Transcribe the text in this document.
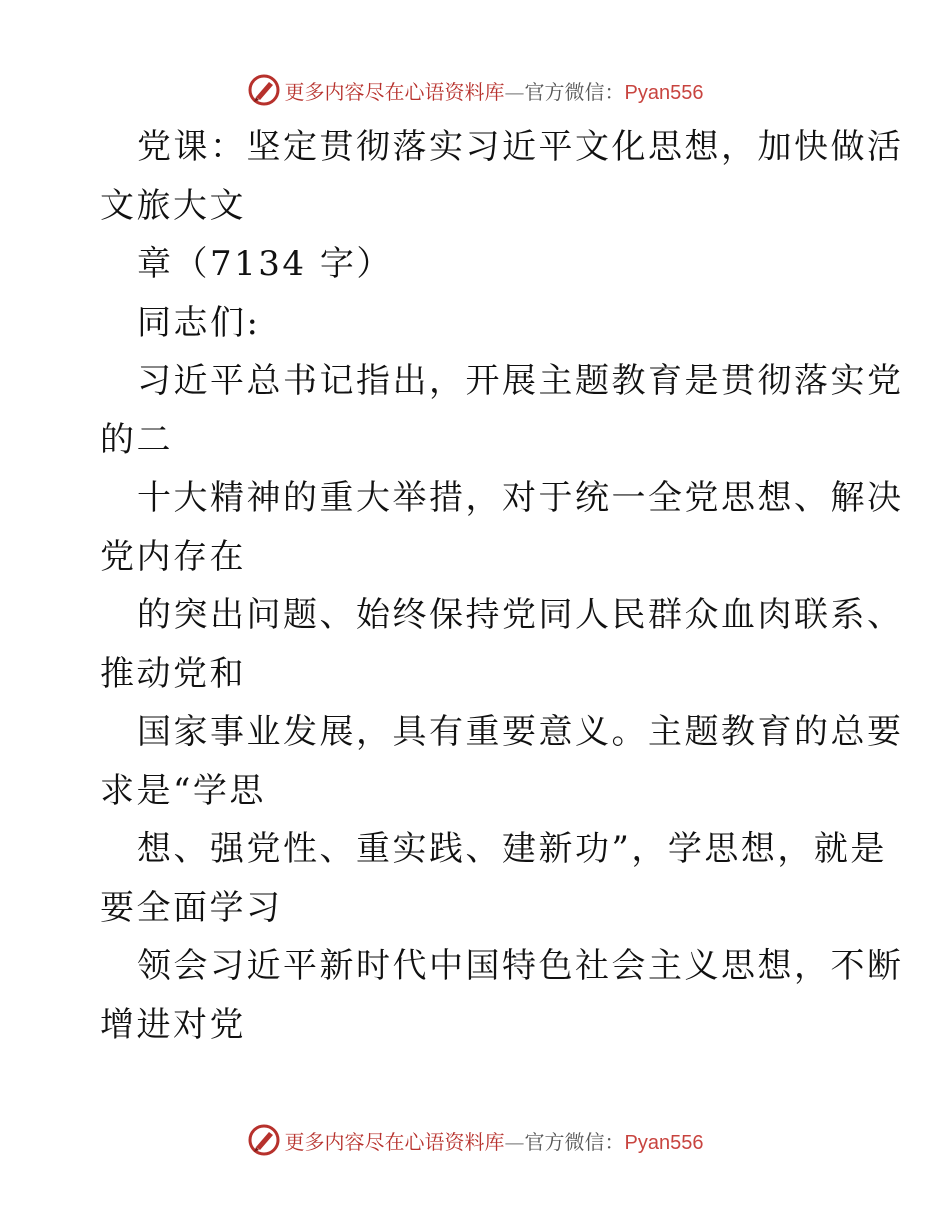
更多内容尽在心语资料库—官方微信：Pyan556
党课：坚定贯彻落实习近平文化思想，加快做活
文旅大文
章（7134 字）
同志们:
习近平总书记指出，开展主题教育是贯彻落实党
的二
十大精神的重大举措，对于统一全党思想、解决
党内存在
的突出问题、始终保持党同人民群众血肉联系、
推动党和
国家事业发展，具有重要意义。主题教育的总要
求是“学思
想、强党性、重实践、建新功”，学思想，就是
要全面学习
领会习近平新时代中国特色社会主义思想，不断
增进对党
更多内容尽在心语资料库—官方微信：Pyan556
